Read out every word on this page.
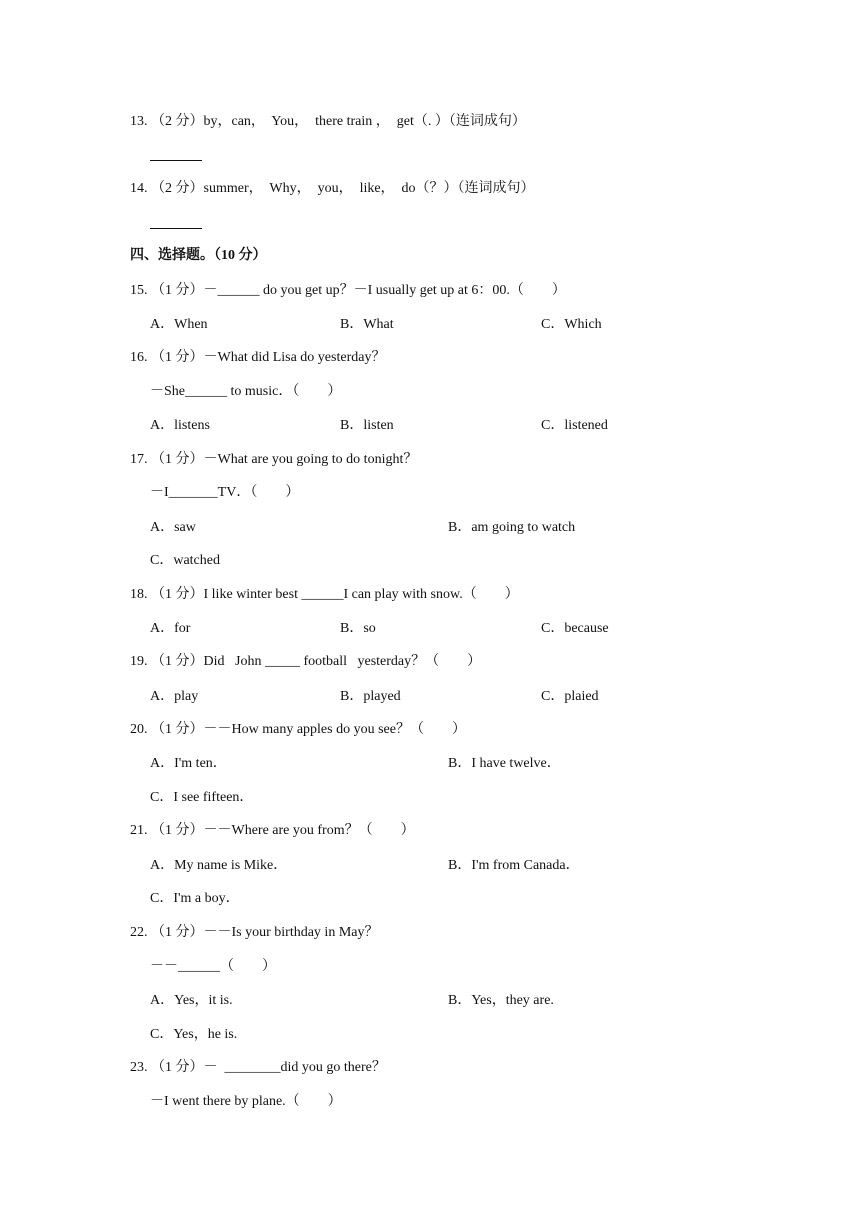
13. （2 分）by，can，  You，  there train ，  get（. ）（连词成句）
14. （2 分）summer，  Why，  you，  like，  do（？）（连词成句）
四、选择题。（10 分）
15. （1 分）－______ do you get up？－I usually get up at 6：00.（　　）
A．When	B．What	C．Which
16. （1 分）－What did Lisa do yesterday？
－She______ to music．（　　）
A．listens	B．listen	C．listened
17. （1 分）－What are you going to do tonight？
－I_______TV．（　　）
A．saw	B．am going to watch
C．watched
18. （1 分）I like winter best ______I can play with snow.（　　）
A．for	B．so	C．because
19. （1 分）Did   John _____ football   yesterday？（　　）
A．play	B．played	C．plaied
20. （1 分）－－How many apples do you see？（　　）
A．I'm ten．	B．I have twelve．
C．I see fifteen．
21. （1 分）－－Where are you from？（　　）
A．My name is Mike．	B．I'm from Canada．
C．I'm a boy．
22. （1 分）－－Is your birthday in May？
－－______（　　）
A．Yes，it is.	B．Yes，they are.
C．Yes，he is.
23. （1 分）－  ________did you go there？
－I went there by plane.（　　）
